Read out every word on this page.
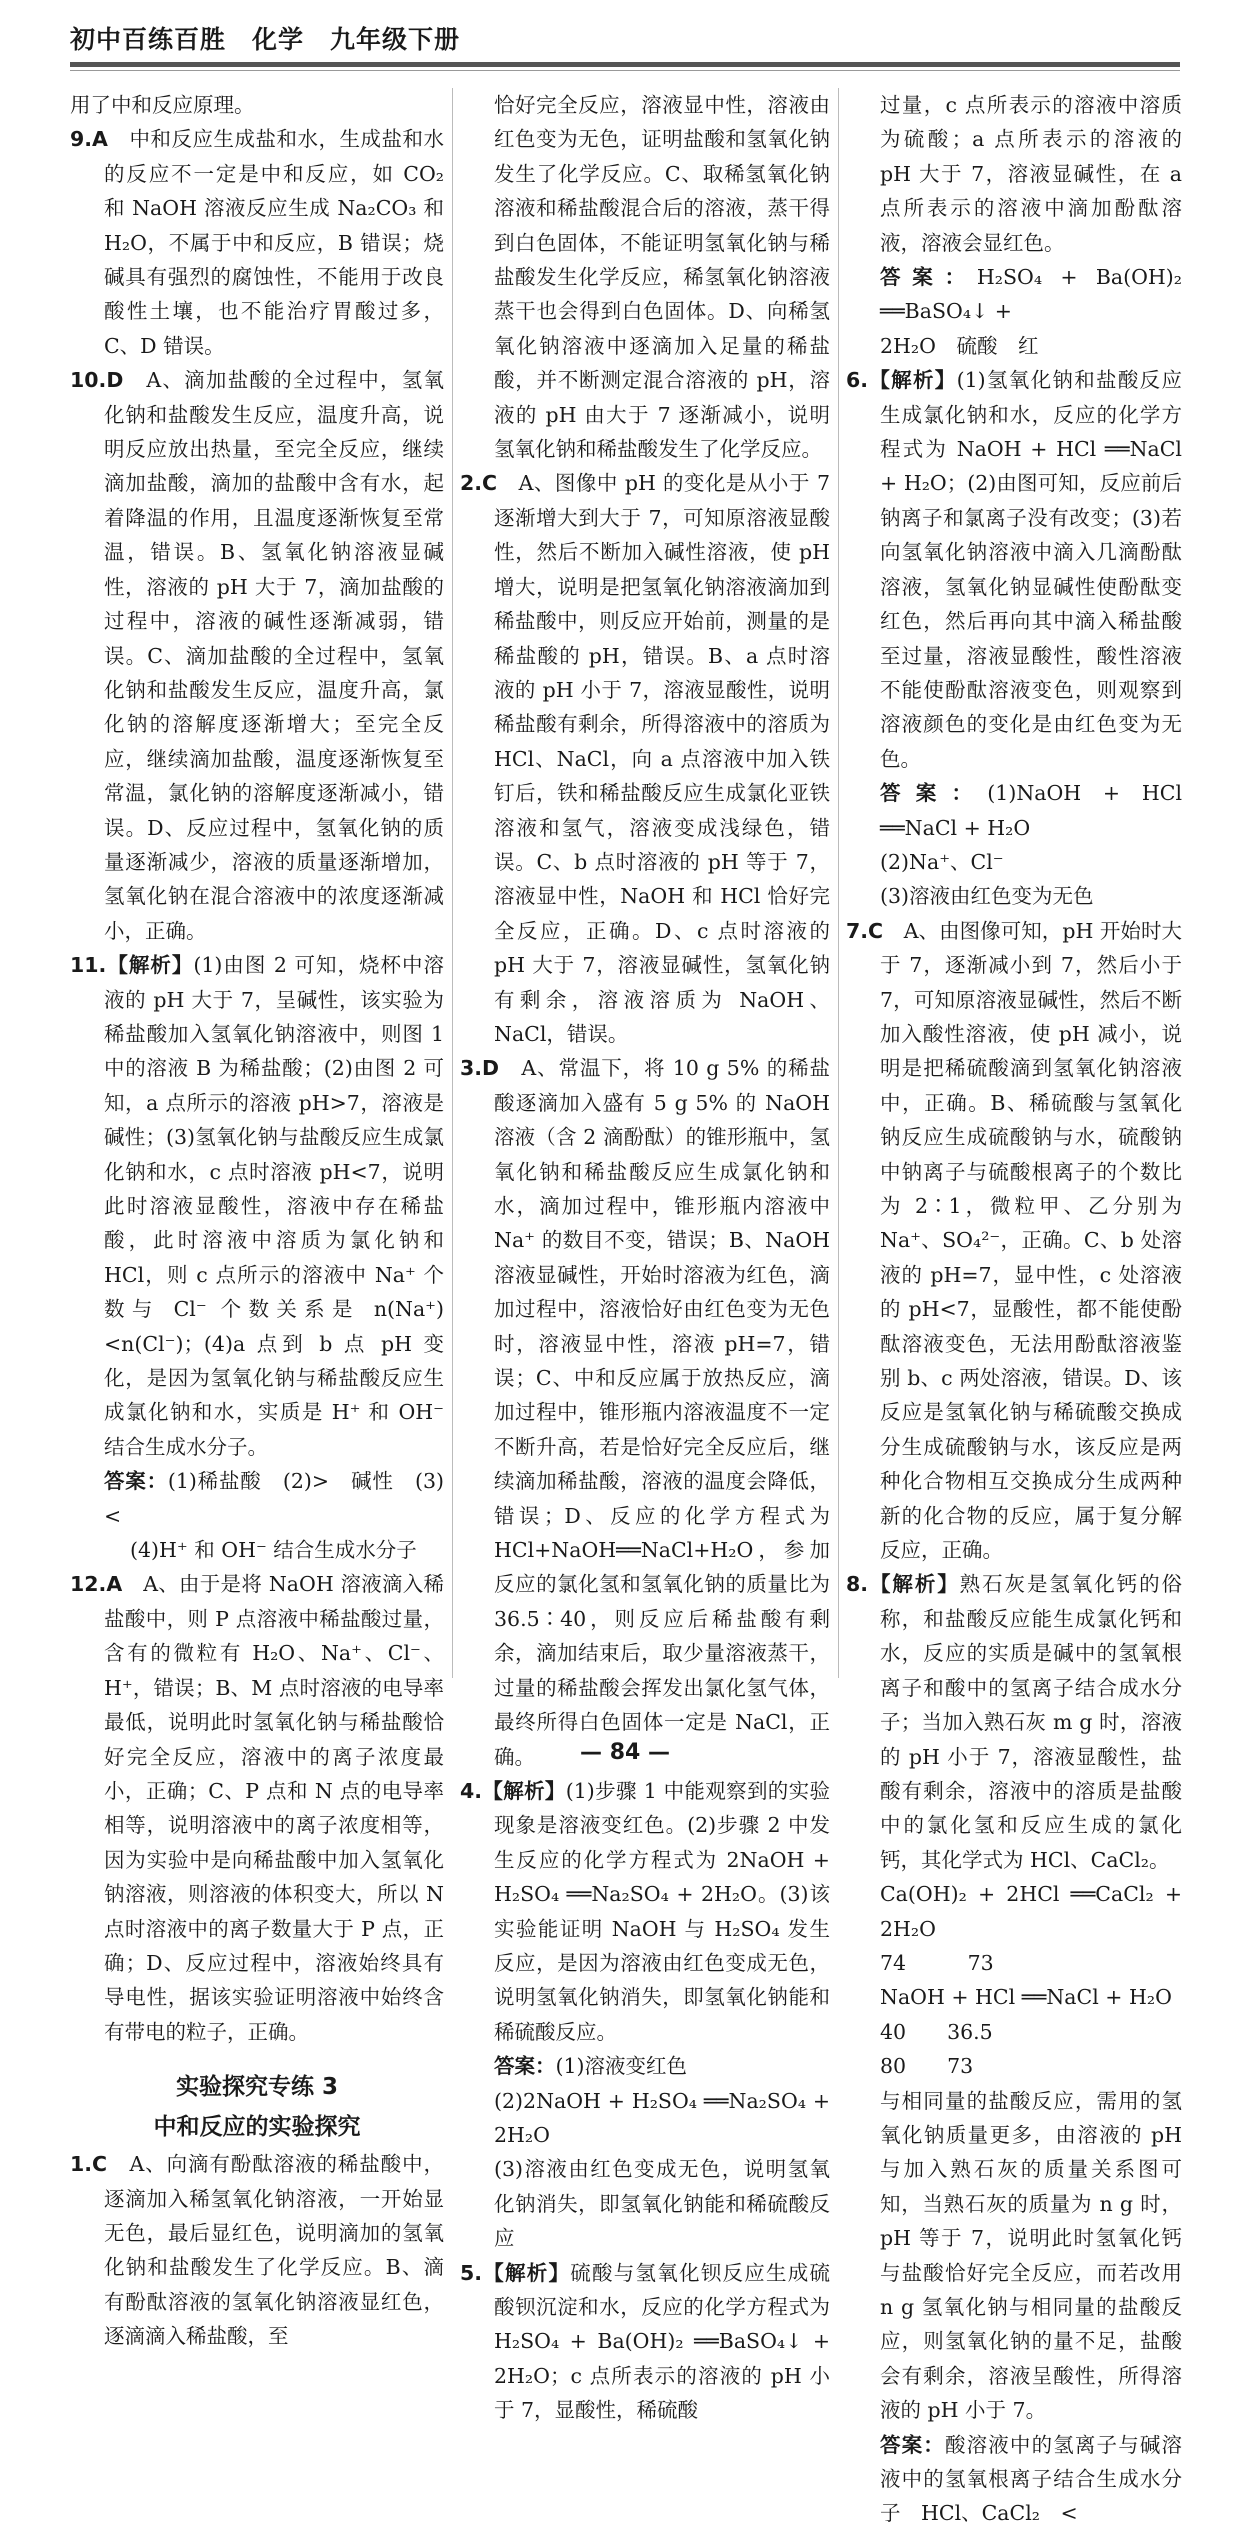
初中百练百胜　化学　九年级下册

用了中和反应原理。

9.A　 中和反应生成盐和水，生成盐和水的反应不一定是中和反应，如 CO₂ 和 NaOH 溶液反应生成 Na₂CO₃ 和 H₂O，不属于中和反应，B 错误；烧碱具有强烈的腐蚀性，不能用于改良酸性土壤，也不能治疗胃酸过多，C、D 错误。

10.D　 A、滴加盐酸的全过程中，氢氧化钠和盐酸发生反应，温度升高，说明反应放出热量，至完全反应，继续滴加盐酸，滴加的盐酸中含有水，起着降温的作用，且温度逐渐恢复至常温，错误。B、氢氧化钠溶液显碱性，溶液的 pH 大于 7，滴加盐酸的过程中，溶液的碱性逐渐减弱，错误。C、滴加盐酸的全过程中，氢氧化钠和盐酸发生反应，温度升高，氯化钠的溶解度逐渐增大；至完全反应，继续滴加盐酸，温度逐渐恢复至常温，氯化钠的溶解度逐渐减小，错误。D、反应过程中，氢氧化钠的质量逐渐减少，溶液的质量逐渐增加，氢氧化钠在混合溶液中的浓度逐渐减小，正确。

11.【解析】(1)由图 2 可知，烧杯中溶液的 pH 大于 7，呈碱性，该实验为稀盐酸加入氢氧化钠溶液中，则图 1 中的溶液 B 为稀盐酸；(2)由图 2 可知，a 点所示的溶液 pH>7，溶液是碱性；(3)氢氧化钠与盐酸反应生成氯化钠和水，c 点时溶液 pH<7，说明此时溶液显酸性，溶液中存在稀盐酸，此时溶液中溶质为氯化钠和 HCl，则 c 点所示的溶液中 Na⁺ 个数与 Cl⁻ 个数关系是 n(Na⁺)<n(Cl⁻)；(4)a 点到 b 点 pH 变化，是因为氢氧化钠与稀盐酸反应生成氯化钠和水，实质是 H⁺ 和 OH⁻ 结合生成水分子。

答案：(1)稀盐酸　(2)>　碱性　(3)<

(4)H⁺ 和 OH⁻ 结合生成水分子

12.A　 A、由于是将 NaOH 溶液滴入稀盐酸中，则 P 点溶液中稀盐酸过量，含有的微粒有 H₂O、Na⁺、Cl⁻、H⁺，错误；B、M 点时溶液的电导率最低，说明此时氢氧化钠与稀盐酸恰好完全反应，溶液中的离子浓度最小，正确；C、P 点和 N 点的电导率相等，说明溶液中的离子浓度相等，因为实验中是向稀盐酸中加入氢氧化钠溶液，则溶液的体积变大，所以 N 点时溶液中的离子数量大于 P 点，正确；D、反应过程中，溶液始终具有导电性，据该实验证明溶液中始终含有带电的粒子，正确。

实验探究专练 3
中和反应的实验探究

1.C　 A、向滴有酚酞溶液的稀盐酸中，逐滴加入稀氢氧化钠溶液，一开始显无色，最后显红色，说明滴加的氢氧化钠和盐酸发生了化学反应。B、滴有酚酞溶液的氢氧化钠溶液显红色，逐滴滴入稀盐酸，至

恰好完全反应，溶液显中性，溶液由红色变为无色，证明盐酸和氢氧化钠发生了化学反应。C、取稀氢氧化钠溶液和稀盐酸混合后的溶液，蒸干得到白色固体，不能证明氢氧化钠与稀盐酸发生化学反应，稀氢氧化钠溶液蒸干也会得到白色固体。D、向稀氢氧化钠溶液中逐滴加入足量的稀盐酸，并不断测定混合溶液的 pH，溶液的 pH 由大于 7 逐渐减小，说明氢氧化钠和稀盐酸发生了化学反应。

2.C　 A、图像中 pH 的变化是从小于 7 逐渐增大到大于 7，可知原溶液显酸性，然后不断加入碱性溶液，使 pH 增大，说明是把氢氧化钠溶液滴加到稀盐酸中，则反应开始前，测量的是稀盐酸的 pH，错误。B、a 点时溶液的 pH 小于 7，溶液显酸性，说明稀盐酸有剩余，所得溶液中的溶质为 HCl、NaCl，向 a 点溶液中加入铁钉后，铁和稀盐酸反应生成氯化亚铁溶液和氢气，溶液变成浅绿色，错误。C、b 点时溶液的 pH 等于 7，溶液显中性，NaOH 和 HCl 恰好完全反应，正确。D、c 点时溶液的 pH 大于 7，溶液显碱性，氢氧化钠有剩余，溶液溶质为 NaOH、NaCl，错误。

3.D　 A、常温下，将 10 g 5% 的稀盐酸逐滴加入盛有 5 g 5% 的 NaOH 溶液（含 2 滴酚酞）的锥形瓶中，氢氧化钠和稀盐酸反应生成氯化钠和水，滴加过程中，锥形瓶内溶液中 Na⁺ 的数目不变，错误；B、NaOH 溶液显碱性，开始时溶液为红色，滴加过程中，溶液恰好由红色变为无色时，溶液显中性，溶液 pH=7，错误；C、中和反应属于放热反应，滴加过程中，锥形瓶内溶液温度不一定不断升高，若是恰好完全反应后，继续滴加稀盐酸，溶液的温度会降低，错误；D、反应的化学方程式为 HCl+NaOH══NaCl+H₂O，参加反应的氯化氢和氢氧化钠的质量比为 36.5∶40，则反应后稀盐酸有剩余，滴加结束后，取少量溶液蒸干，过量的稀盐酸会挥发出氯化氢气体，最终所得白色固体一定是 NaCl，正确。

4.【解析】(1)步骤 1 中能观察到的实验现象是溶液变红色。(2)步骤 2 中发生反应的化学方程式为 2NaOH + H₂SO₄ ══Na₂SO₄ + 2H₂O。(3)该实验能证明 NaOH 与 H₂SO₄ 发生反应，是因为溶液由红色变成无色，说明氢氧化钠消失，即氢氧化钠能和稀硫酸反应。

答案：(1)溶液变红色

(2)2NaOH + H₂SO₄ ══Na₂SO₄ + 2H₂O

(3)溶液由红色变成无色，说明氢氧化钠消失，即氢氧化钠能和稀硫酸反应

5.【解析】硫酸与氢氧化钡反应生成硫酸钡沉淀和水，反应的化学方程式为 H₂SO₄ + Ba(OH)₂ ══BaSO₄↓ + 2H₂O；c 点所表示的溶液的 pH 小于 7，显酸性，稀硫酸

过量，c 点所表示的溶液中溶质为硫酸；a 点所表示的溶液的 pH 大于 7，溶液显碱性，在 a 点所表示的溶液中滴加酚酞溶液，溶液会显红色。

答案：H₂SO₄ + Ba(OH)₂ ══BaSO₄↓ +

2H₂O　硫酸　红

6.【解析】(1)氢氧化钠和盐酸反应生成氯化钠和水，反应的化学方程式为 NaOH + HCl ══NaCl + H₂O；(2)由图可知，反应前后钠离子和氯离子没有改变；(3)若向氢氧化钠溶液中滴入几滴酚酞溶液，氢氧化钠显碱性使酚酞变红色，然后再向其中滴入稀盐酸至过量，溶液显酸性，酸性溶液不能使酚酞溶液变色，则观察到溶液颜色的变化是由红色变为无色。

答案：(1)NaOH + HCl ══NaCl + H₂O

(2)Na⁺、Cl⁻

(3)溶液由红色变为无色

7.C　 A、由图像可知，pH 开始时大于 7，逐渐减小到 7，然后小于 7，可知原溶液显碱性，然后不断加入酸性溶液，使 pH 减小，说明是把稀硫酸滴到氢氧化钠溶液中，正确。B、稀硫酸与氢氧化钠反应生成硫酸钠与水，硫酸钠中钠离子与硫酸根离子的个数比为 2∶1，微粒甲、乙分别为 Na⁺、SO₄²⁻，正确。C、b 处溶液的 pH=7，显中性，c 处溶液的 pH<7，显酸性，都不能使酚酞溶液变色，无法用酚酞溶液鉴别 b、c 两处溶液，错误。D、该反应是氢氧化钠与稀硫酸交换成分生成硫酸钠与水，该反应是两种化合物相互交换成分生成两种新的化合物的反应，属于复分解反应，正确。

8.【解析】熟石灰是氢氧化钙的俗称，和盐酸反应能生成氯化钙和水，反应的实质是碱中的氢氧根离子和酸中的氢离子结合成水分子；当加入熟石灰 m g 时，溶液的 pH 小于 7，溶液显酸性，盐酸有剩余，溶液中的溶质是盐酸中的氯化氢和反应生成的氯化钙，其化学式为 HCl、CaCl₂。

Ca(OH)₂ + 2HCl ══CaCl₂ + 2H₂O

74　　　73

NaOH + HCl ══NaCl + H₂O

40　　36.5

80　　73

与相同量的盐酸反应，需用的氢氧化钠质量更多，由溶液的 pH 与加入熟石灰的质量关系图可知，当熟石灰的质量为 n g 时，pH 等于 7，说明此时氢氧化钙与盐酸恰好完全反应，而若改用 n g 氢氧化钠与相同量的盐酸反应，则氢氧化钠的量不足，盐酸会有剩余，溶液呈酸性，所得溶液的 pH 小于 7。

答案：酸溶液中的氢离子与碱溶液中的氢氧根离子结合生成水分子　HCl、CaCl₂　<

— 84 —
